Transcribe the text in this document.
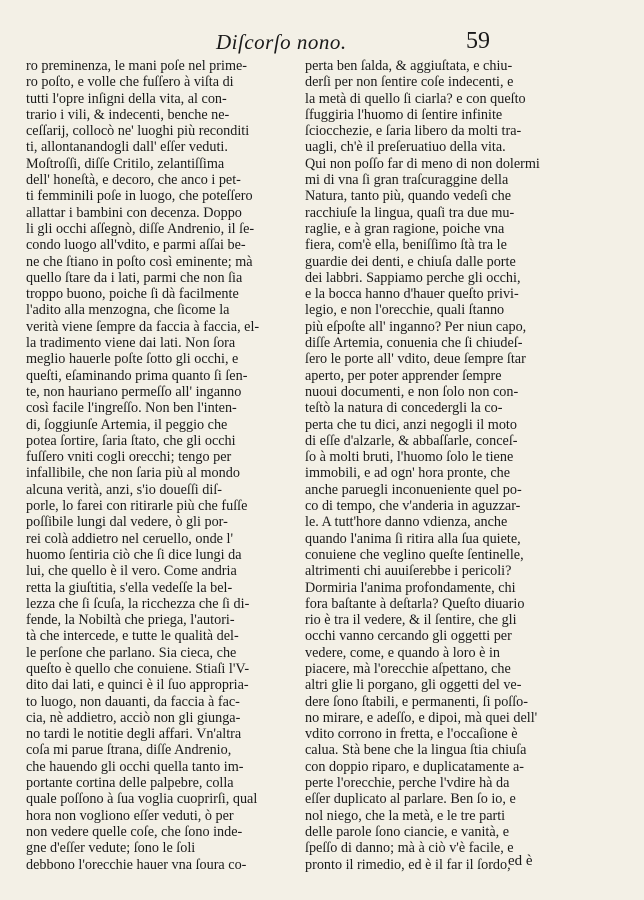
Diſcorſo nono.	59
ro preminenza, le mani poſe nel prime-
ro poſto, e volle che fuſſero à viſta di
tutti l'opre inſigni della vita, al con-
trario i vili, & indecenti, benche ne-
ceſſarij, collocò ne' luoghi più reconditi
ti, allontanandogli dall' eſſer veduti.
Moſtroſſi, diſſe Critilo, zelantiſſima
dell' honeſtà, e decoro, che anco i pet-
ti femminili poſe in luogo, che poteſſero
allattar i bambini con decenza. Doppo
li gli occhi aſſegnò, diſſe Andrenio, il ſe-
condo luogo all'vdito, e parmi aſſai be-
ne che ſtiano in poſto così eminente; mà
quello ſtare da i lati, parmi che non ſia
troppo buono, poiche ſi dà facilmente
l'adito alla menzogna, che ſicome la
verità viene ſempre da faccia à faccia, el-
la tradimento viene dai lati. Non ſora
meglio hauerle poſte ſotto gli occhi, e
queſti, eſaminando prima quanto ſi ſen-
te, non hauriano permeſſo all' inganno
così facile l'ingreſſo. Non ben l'inten-
di, ſoggiunſe Artemia, il peggio che
potea ſortire, ſaria ſtato, che gli occhi
fuſſero vniti cogli orecchi; tengo per
infallibile, che non ſaria più al mondo
alcuna verità, anzi, s'io doueſſi diſ-
porle, lo farei con ritirarle più che fuſſe
poſſibile lungi dal vedere, ò gli por-
rei colà addietro nel ceruello, onde l'
huomo ſentiria ciò che ſi dice lungi da
lui, che quello è il vero. Come andria
retta la giuſtitia, s'ella vedeſſe la bel-
lezza che ſi ſcuſa, la ricchezza che ſi di-
fende, la Nobiltà che priega, l'autori-
tà che intercede, e tutte le qualità del-
le perſone che parlano. Sia cieca, che
queſto è quello che conuiene. Stiaſi l'V-
dito dai lati, e quinci è il ſuo appropria-
to luogo, non dauanti, da faccia à fac-
cia, nè addietro, acciò non gli giunga-
no tardi le notitie degli affari. Vn'altra
coſa mi parue ſtrana, diſſe Andrenio,
che hauendo gli occhi quella tanto im-
portante cortina delle palpebre, colla
quale poſſono à ſua voglia cuoprirſi, qual
hora non vogliono eſſer veduti, ò per
non vedere quelle coſe, che ſono inde-
gne d'eſſer vedute; ſono le ſoli
debbono l'orecchie hauer vna ſoura co-
perta ben ſalda, & aggiuſtata, e chiu-
derſi per non ſentire coſe indecenti, e
la metà di quello ſi ciarla? e con queſto
ſfuggiria l'huomo di ſentire infinite
ſciocchezie, e ſaria libero da molti tra-
uagli, ch'è il preſeruatiuo della vita.
Qui non poſſo far di meno di non dolermi
mi di vna ſi gran traſcuraggine della
Natura, tanto più, quando vedeſi che
racchiuſe la lingua, quaſi tra due mu-
raglie, e à gran ragione, poiche vna
fiera, com'è ella, beniſſimo ſtà tra le
guardie dei denti, e chiuſa dalle porte
dei labbri. Sappiamo perche gli occhi,
e la bocca hanno d'hauer queſto privi-
legio, e non l'orecchie, quali ſtanno
più eſpoſte all' inganno? Per niun capo,
diſſe Artemia, conuenia che ſi chiudeſ-
ſero le porte all' vdito, deue ſempre ſtar
aperto, per poter apprender ſempre
nuoui documenti, e non ſolo non con-
teſtò la natura di concedergli la co-
perta che tu dici, anzi negogli il moto
di eſſe d'alzarle, & abbaſſarle, conceſ-
ſo à molti bruti, l'huomo ſolo le tiene
immobili, e ad ogn' hora pronte, che
anche paruegli inconueniente quel po-
co di tempo, che v'anderia in aguzzar-
le. A tutt'hore danno vdienza, anche
quando l'anima ſi ritira alla ſua quiete,
conuiene che veglino queſte ſentinelle,
altrimenti chi auuiſerebbe i pericoli?
Dormiria l'anima profondamente, chi
fora baſtante à deſtarla? Queſto diuario
rio è tra il vedere, & il ſentire, che gli
occhi vanno cercando gli oggetti per
vedere, come, e quando à loro è in
piacere, mà l'orecchie aſpettano, che
altri glie li porgano, gli oggetti del ve-
dere ſono ſtabili, e permanenti, ſi poſſo-
no mirare, e adeſſo, e dipoi, mà quei dell'
vdito corrono in fretta, e l'occaſione è
calua. Stà bene che la lingua ſtia chiuſa
con doppio riparo, e duplicatamente a-
perte l'orecchie, perche l'vdire hà da
eſſer duplicato al parlare. Ben ſo io, e
nol niego, che la metà, e le tre parti
delle parole ſono ciancie, e vanità, e
ſpeſſo di danno; mà à ciò v'è facile, e
pronto il rimedio, ed è il far il ſordo,
ed è
